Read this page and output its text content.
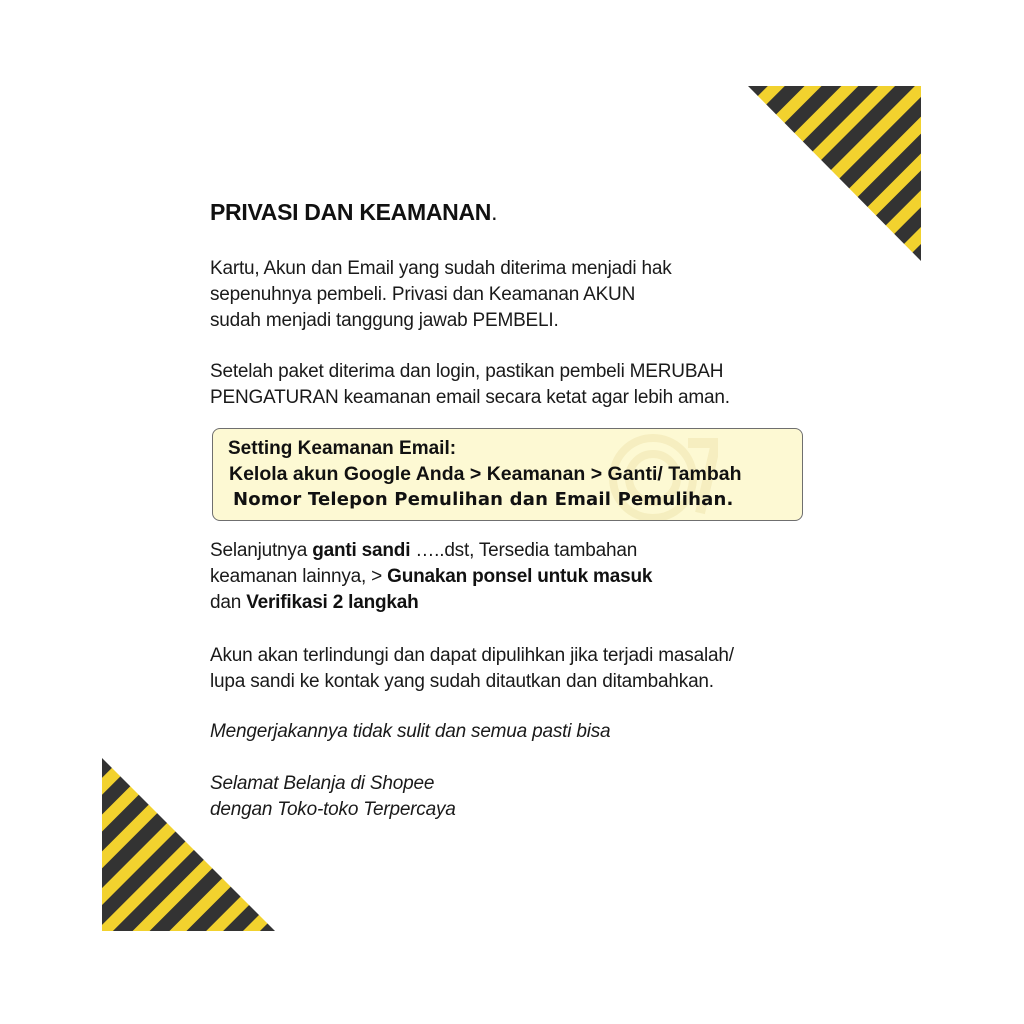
PRIVASI DAN KEAMANAN.

Kartu, Akun dan Email yang sudah diterima menjadi hak
sepenuhnya pembeli. Privasi dan Keamanan AKUN
sudah menjadi tanggung jawab PEMBELI.

Setelah paket diterima dan login, pastikan pembeli MERUBAH
PENGATURAN keamanan email secara ketat agar lebih aman.

Setting Keamanan Email:
Kelola akun Google Anda > Keamanan > Ganti/ Tambah
Nomor Telepon Pemulihan dan Email Pemulihan.

Selanjutnya ganti sandi …..dst, Tersedia tambahan
keamanan lainnya, > Gunakan ponsel untuk masuk
dan Verifikasi 2 langkah

Akun akan terlindungi dan dapat dipulihkan jika terjadi masalah/
lupa sandi ke kontak yang sudah ditautkan dan ditambahkan.

Mengerjakannya tidak sulit dan semua pasti bisa

Selamat Belanja di Shopee
dengan Toko-toko Terpercaya
